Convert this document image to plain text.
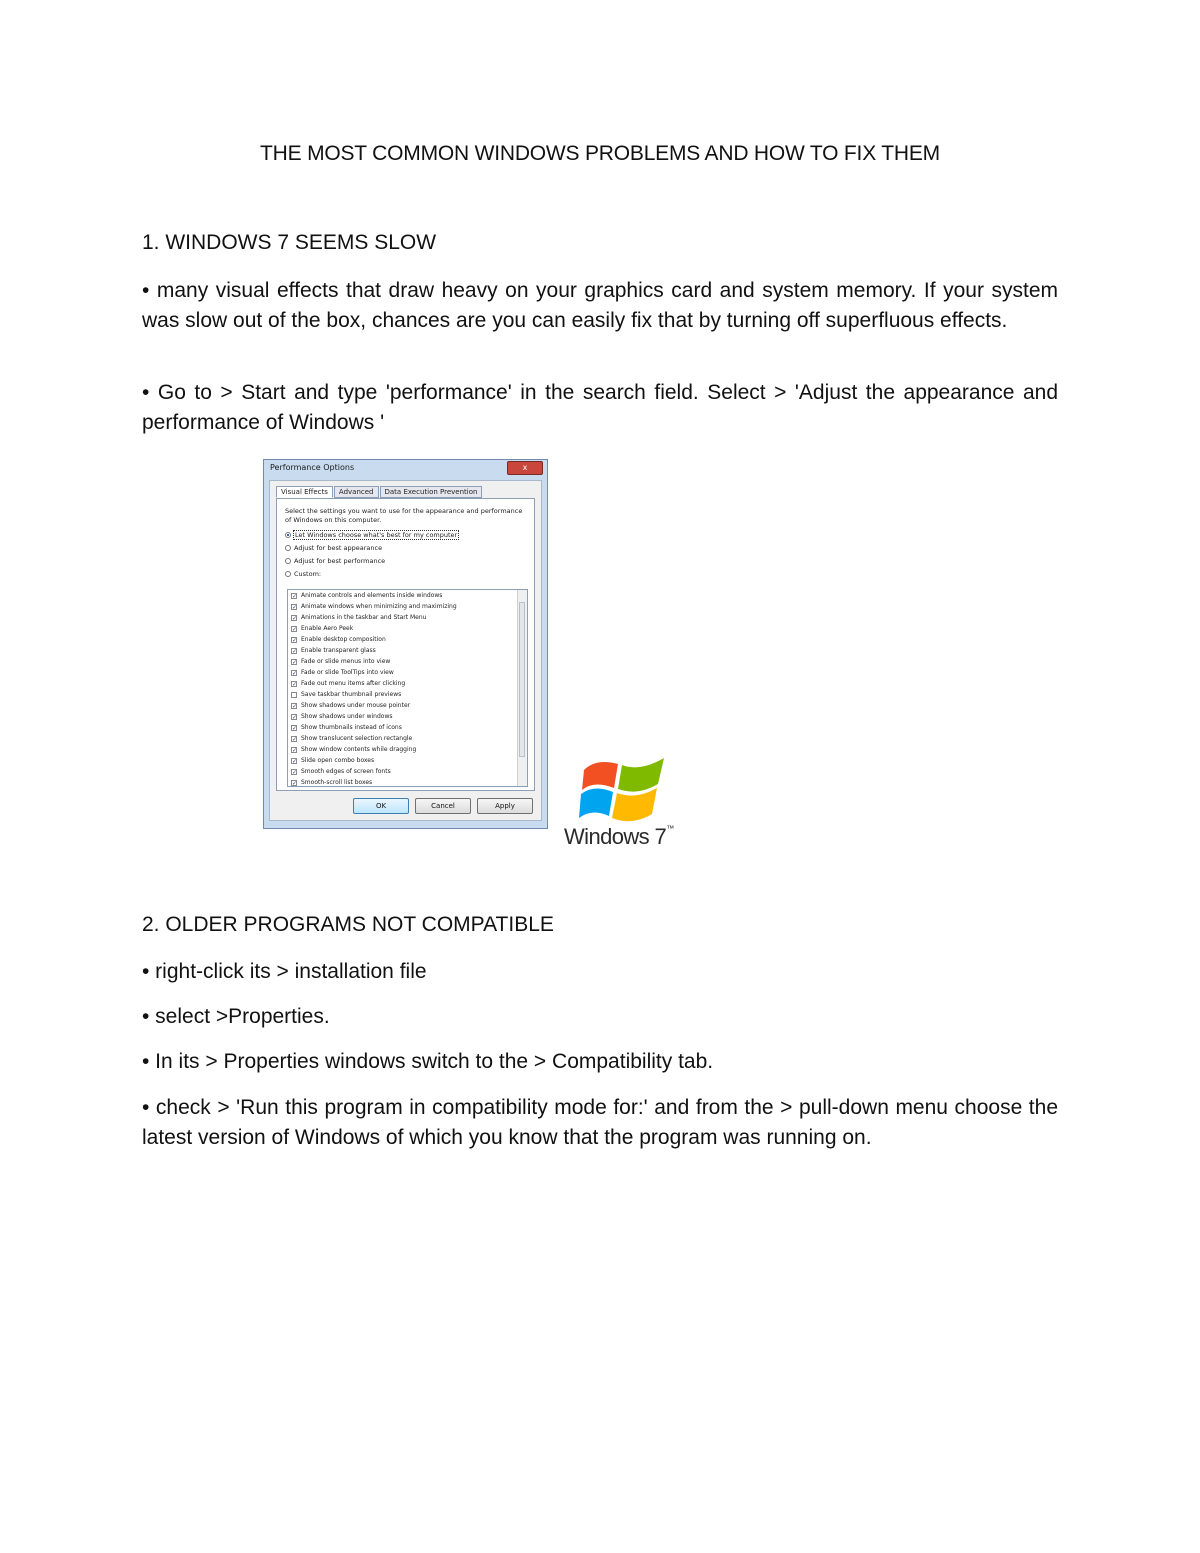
THE MOST COMMON WINDOWS PROBLEMS AND HOW TO FIX THEM
1. WINDOWS 7 SEEMS SLOW
• many visual effects that draw heavy on your graphics card and system memory. If your system was slow out of the box, chances are you can easily fix that by turning off superfluous effects.
• Go to > Start and type 'performance' in the search field. Select > 'Adjust the appearance and performance of Windows '
Performance Options	x
Visual Effects	Advanced	Data Execution Prevention
Select the settings you want to use for the appearance and performance of Windows on this computer.
Let Windows choose what's best for my computer
Adjust for best appearance
Adjust for best performance
Custom:
✓ Animate controls and elements inside windows
✓ Animate windows when minimizing and maximizing
✓ Animations in the taskbar and Start Menu
✓ Enable Aero Peek
✓ Enable desktop composition
✓ Enable transparent glass
✓ Fade or slide menus into view
✓ Fade or slide ToolTips into view
✓ Fade out menu items after clicking
Save taskbar thumbnail previews
✓ Show shadows under mouse pointer
✓ Show shadows under windows
✓ Show thumbnails instead of icons
✓ Show translucent selection rectangle
✓ Show window contents while dragging
✓ Slide open combo boxes
✓ Smooth edges of screen fonts
✓ Smooth-scroll list boxes
OK	Cancel	Apply
Windows 7™
2. OLDER PROGRAMS NOT COMPATIBLE
• right-click its > installation file
• select >Properties.
• In its > Properties windows switch to the > Compatibility tab.
• check > 'Run this program in compatibility mode for:' and from the > pull-down menu choose the latest version of Windows of which you know that the program was running on.
